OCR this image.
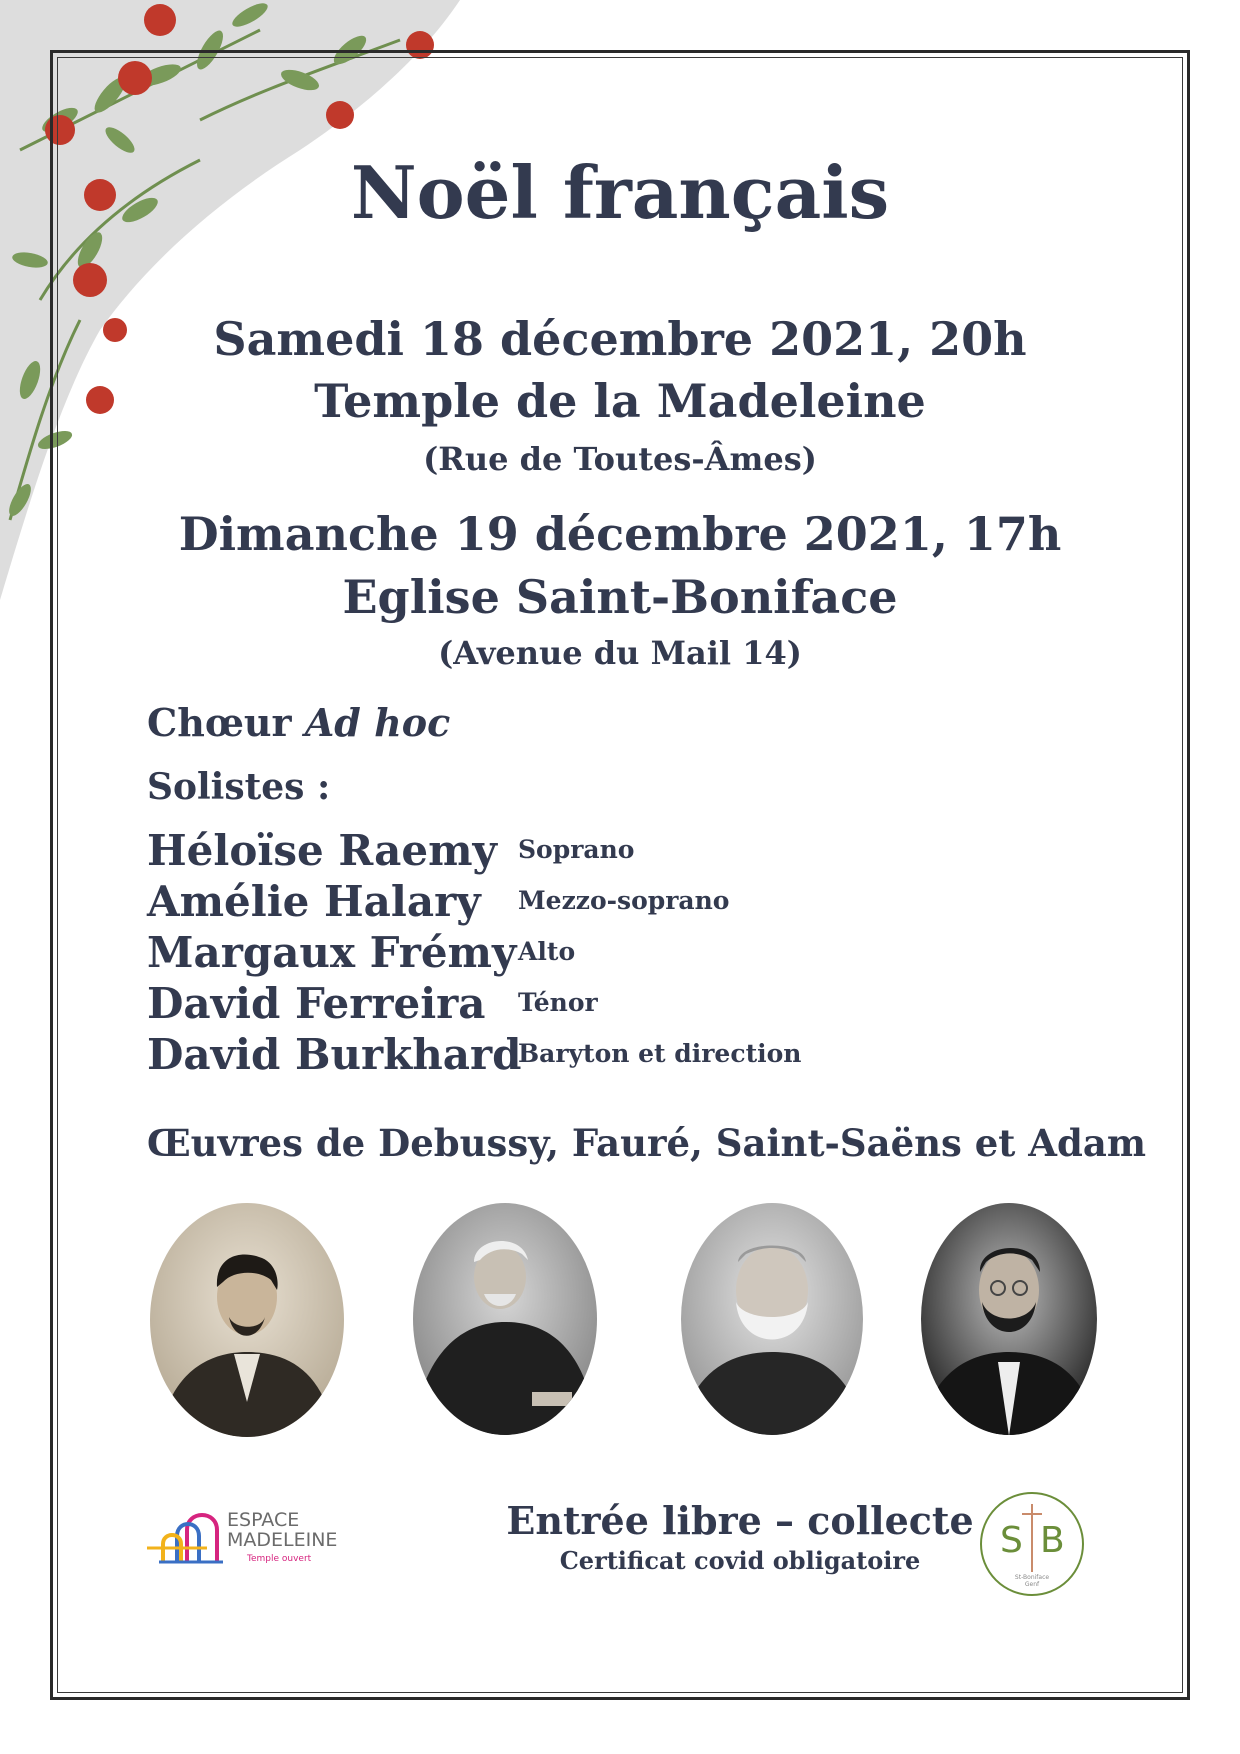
Noël français
Samedi 18 décembre 2021, 20h
Temple de la Madeleine
(Rue de Toutes-Âmes)
Dimanche 19 décembre 2021, 17h
Eglise Saint-Boniface
(Avenue du Mail 14)
Chœur Ad hoc
Solistes :
Héloïse Raemy Soprano
Amélie Halary Mezzo-soprano
Margaux Frémy Alto
David Ferreira Ténor
David Burkhard
Baryton et direction
Œuvres de Debussy, Fauré, Saint-Saëns et Adam
Entrée libre – collecte
Certificat covid obligatoire
ESPACE
MADELEINE
Temple ouvert	S B
St-Boniface
Genf
